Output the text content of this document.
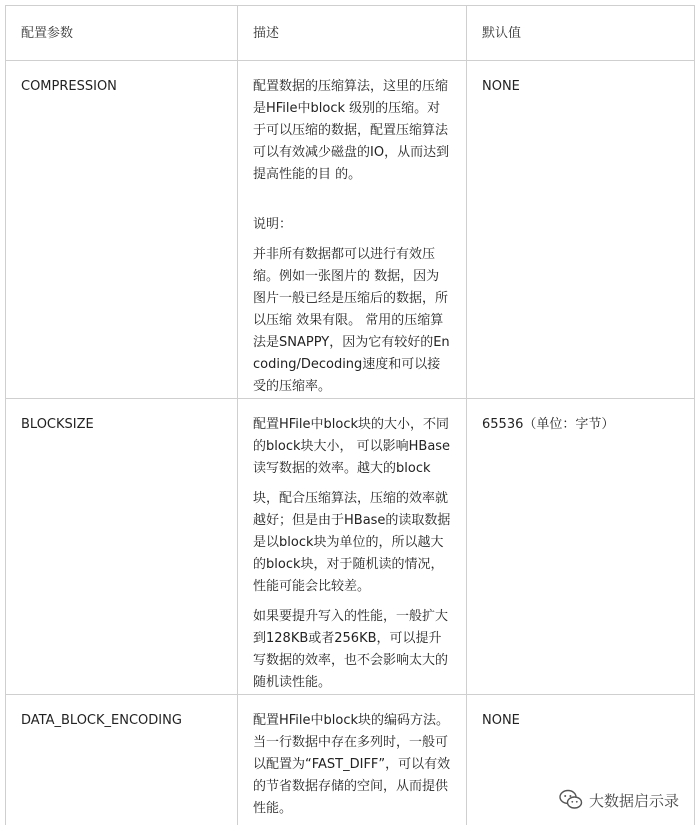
配置参数	描述	默认值

COMPRESSION	配置数据的压缩算法，这里的压缩是HFile中block 级别的压缩。对于可以压缩的数据，配置压缩算法可以有效减少磁盘的IO，从而达到提高性能的目 的。

说明：

并非所有数据都可以进行有效压缩。例如一张图片的 数据，因为图片一般已经是压缩后的数据，所以压缩 效果有限。 常用的压缩算法是SNAPPY，因为它有较好的Encoding/Decoding速度和可以接受的压缩率。	NONE

BLOCKSIZE	配置HFile中block块的大小，不同的block块大小， 可以影响HBase读写数据的效率。越大的block

块，配合压缩算法，压缩的效率就越好；但是由于HBase的读取数据是以block块为单位的，所以越大的block块，对于随机读的情况，性能可能会比较差。

如果要提升写入的性能，一般扩大到128KB或者256KB，可以提升写数据的效率，也不会影响太大的随机读性能。	65536（单位：字节）

DATA_BLOCK_ENCODING	配置HFile中block块的编码方法。当一行数据中存在多列时，一般可以配置为“FAST_DIFF”，可以有效的节省数据存储的空间，从而提供性能。	NONE
大数据启示录
